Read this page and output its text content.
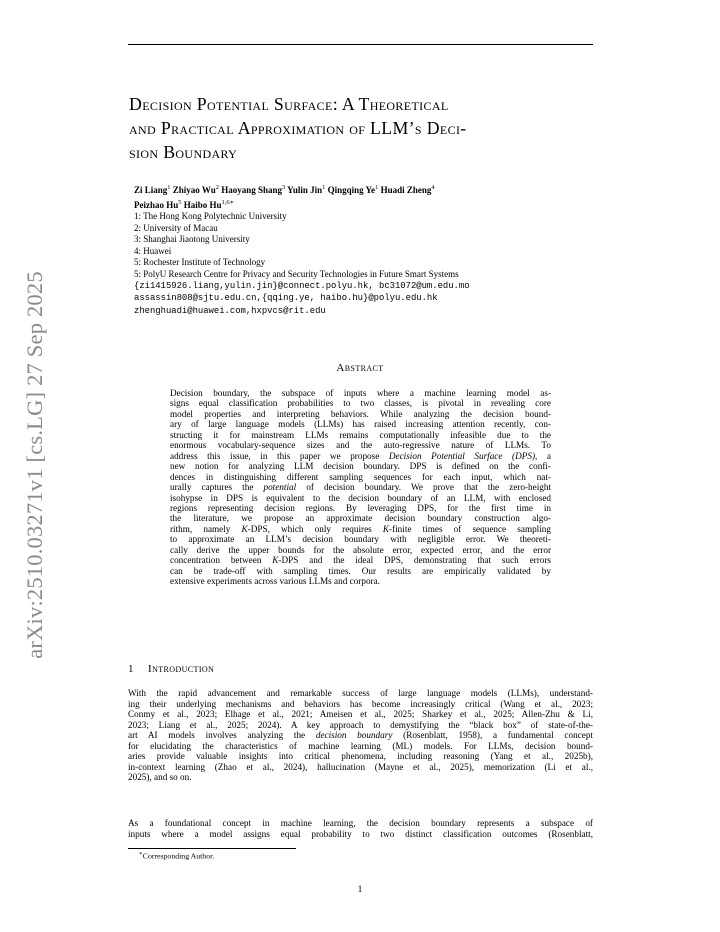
arXiv:2510.03271v1 [cs.LG] 27 Sep 2025
Decision Potential Surface: A Theoretical
and Practical Approximation of LLM’s Deci-
sion Boundary
Zi Liang$^1$ Zhiyao Wu$^2$ Haoyang Shang$^3$ Yulin Jin$^1$ Qingqing Ye$^1$ Huadi Zheng$^4$
Peizhao Hu$^5$ Haibo $Hu^{1,6∗}$
1: The Hong Kong Polytechnic University
2: University of Macau
3: Shanghai Jiaotong University
4: Huawei
5: Rochester Institute of Technology
5: PolyU Research Centre for Privacy and Security Technologies in Future Smart Systems
{zi1415926.liang,yulin.jin}@connect.polyu.hk, bc31072@um.edu.mo
assassin808@sjtu.edu.cn,{qqing.ye, haibo.hu}@polyu.edu.hk
zhenghuadi@huawei.com,hxpvcs@rit.edu
Abstract

Decision boundary, the subspace of inputs where a machine learning model as-
signs equal classification probabilities to two classes, is pivotal in revealing core
model properties and interpreting behaviors. While analyzing the decision bound-
ary of large language models (LLMs) has raised increasing attention recently, con-
structing it for mainstream LLMs remains computationally infeasible due to the
enormous vocabulary-sequence sizes and the auto-regressive nature of LLMs. To
address this issue, in this paper we propose Decision Potential Surface (DPS), a
new notion for analyzing LLM decision boundary. DPS is defined on the confi-
dences in distinguishing different sampling sequences for each input, which nat-
urally captures the potential of decision boundary. We prove that the zero-height
isohypse in DPS is equivalent to the decision boundary of an LLM, with enclosed
regions representing decision regions. By leveraging DPS, for the first time in
the literature, we propose an approximate decision boundary construction algo-
rithm, namely K-DPS, which only requires K-finite times of sequence sampling
to approximate an LLM’s decision boundary with negligible error. We theoreti-
cally derive the upper bounds for the absolute error, expected error, and the error
concentration between K-DPS and the ideal DPS, demonstrating that such errors
can be trade-off with sampling times. Our results are empirically validated by
extensive experiments across various LLMs and corpora.

1 Introduction

With the rapid advancement and remarkable success of large language models (LLMs), understand-
ing their underlying mechanisms and behaviors has become increasingly critical (Wang et al., 2023;
Conmy et al., 2023; Elhage et al., 2021; Ameisen et al., 2025; Sharkey et al., 2025; Allen-Zhu & Li,
2023; Liang et al., 2025; 2024). A key approach to demystifying the “black box” of state-of-the-
art AI models involves analyzing the decision boundary (Rosenblatt, 1958), a fundamental concept
for elucidating the characteristics of machine learning (ML) models. For LLMs, decision bound-
aries provide valuable insights into critical phenomena, including reasoning (Yang et al., 2025b),
in-context learning (Zhao et al., 2024), hallucination (Mayne et al., 2025), memorization (Li et al.,
2025), and so on.

As a foundational concept in machine learning, the decision boundary represents a subspace of
inputs where a model assigns equal probability to two distinct classification outcomes (Rosenblatt,

∗Corresponding Author.
1
